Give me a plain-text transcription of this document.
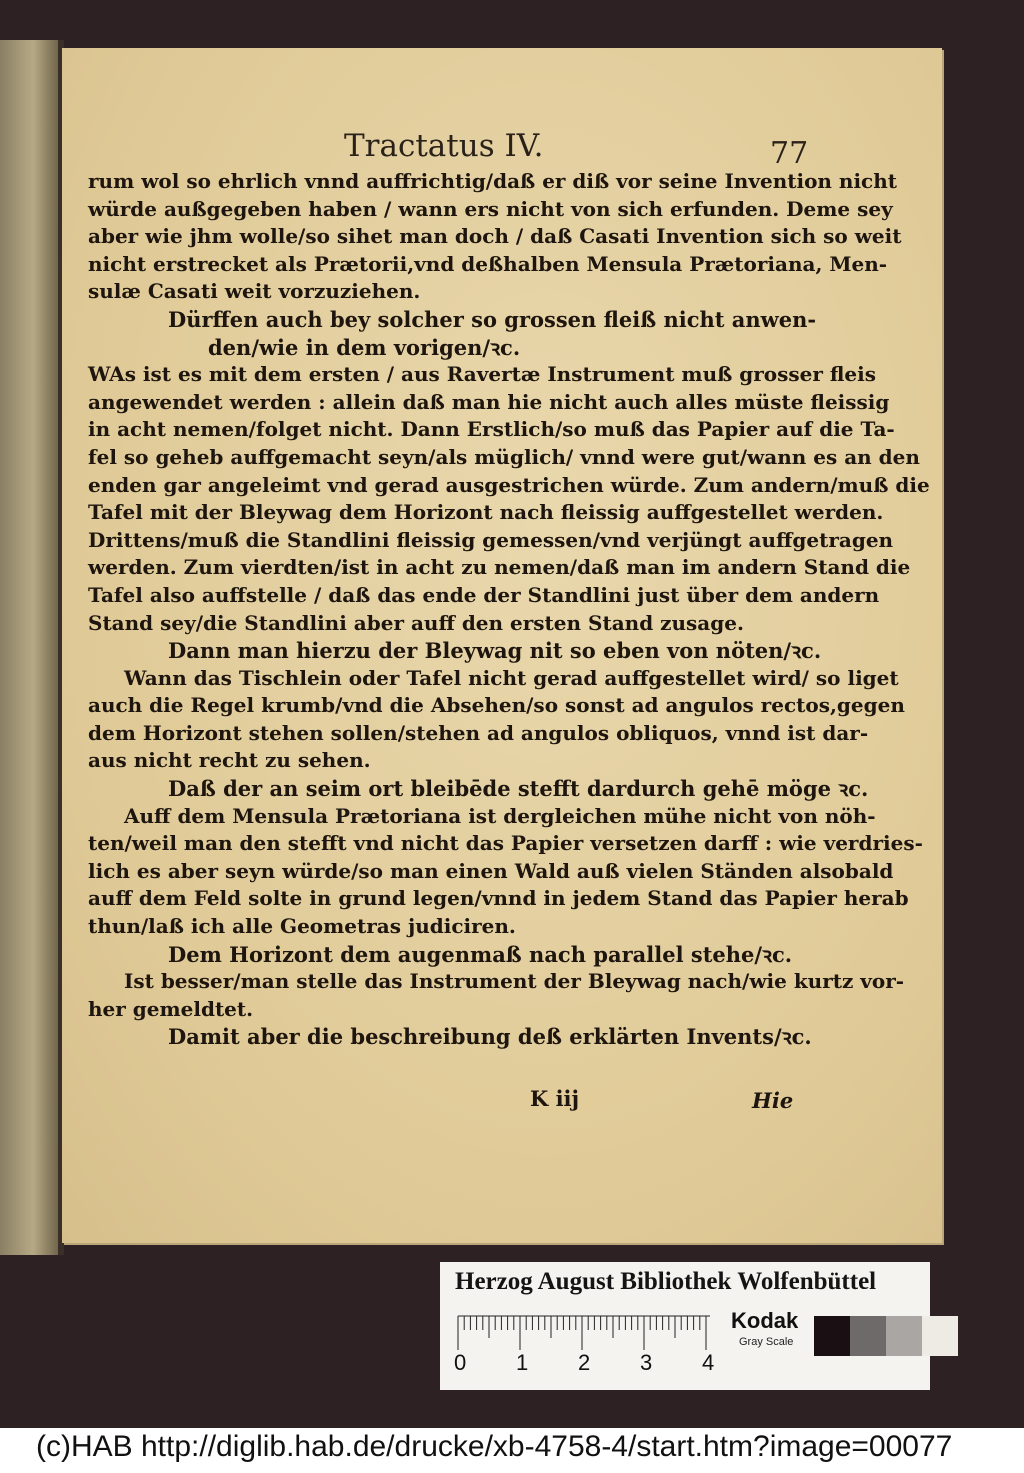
Tractatus IV.	77
rum wol so ehrlich vnnd auffrichtig/daß er diß vor seine Invention nicht
würde außgegeben haben / wann ers nicht von sich erfunden. Deme sey
aber wie jhm wolle/so sihet man doch / daß Casati Invention sich so weit
nicht erstrecket als Prætorii,vnd deßhalben Mensula Prætoriana, Men-
sulæ Casati weit vorzuziehen.
Dürffen auch bey solcher so grossen fleiß nicht anwen-
den/wie in dem vorigen/ꝛc.
WAs ist es mit dem ersten / aus Ravertæ Instrument muß grosser fleis
angewendet werden : allein daß man hie nicht auch alles müste fleissig
in acht nemen/folget nicht. Dann Erstlich/so muß das Papier auf die Ta-
fel so geheb auffgemacht seyn/als müglich/ vnnd were gut/wann es an den
enden gar angeleimt vnd gerad ausgestrichen würde. Zum andern/muß die
Tafel mit der Bleywag dem Horizont nach fleissig auffgestellet werden.
Drittens/muß die Standlini fleissig gemessen/vnd verjüngt auffgetragen
werden. Zum vierdten/ist in acht zu nemen/daß man im andern Stand die
Tafel also auffstelle / daß das ende der Standlini just über dem andern
Stand sey/die Standlini aber auff den ersten Stand zusage.
Dann man hierzu der Bleywag nit so eben von nöten/ꝛc.
Wann das Tischlein oder Tafel nicht gerad auffgestellet wird/ so liget
auch die Regel krumb/vnd die Absehen/so sonst ad angulos rectos,gegen
dem Horizont stehen sollen/stehen ad angulos obliquos, vnnd ist dar-
aus nicht recht zu sehen.
Daß der an seim ort bleibēde stefft dardurch gehē möge ꝛc.
Auff dem Mensula Prætoriana ist dergleichen mühe nicht von nöh-
ten/weil man den stefft vnd nicht das Papier versetzen darff : wie verdries-
lich es aber seyn würde/so man einen Wald auß vielen Ständen alsobald
auff dem Feld solte in grund legen/vnnd in jedem Stand das Papier herab
thun/laß ich alle Geometras judiciren.
Dem Horizont dem augenmaß nach parallel stehe/ꝛc.
Ist besser/man stelle das Instrument der Bleywag nach/wie kurtz vor-
her gemeldtet.
Damit aber die beschreibung deß erklärten Invents/ꝛc.
K iij	Hie
Herzog August Bibliothek Wolfenbüttel
0 1 2 3 4
Kodak
Gray Scale
(c)HAB http://diglib.hab.de/drucke/xb-4758-4/start.htm?image=00077
